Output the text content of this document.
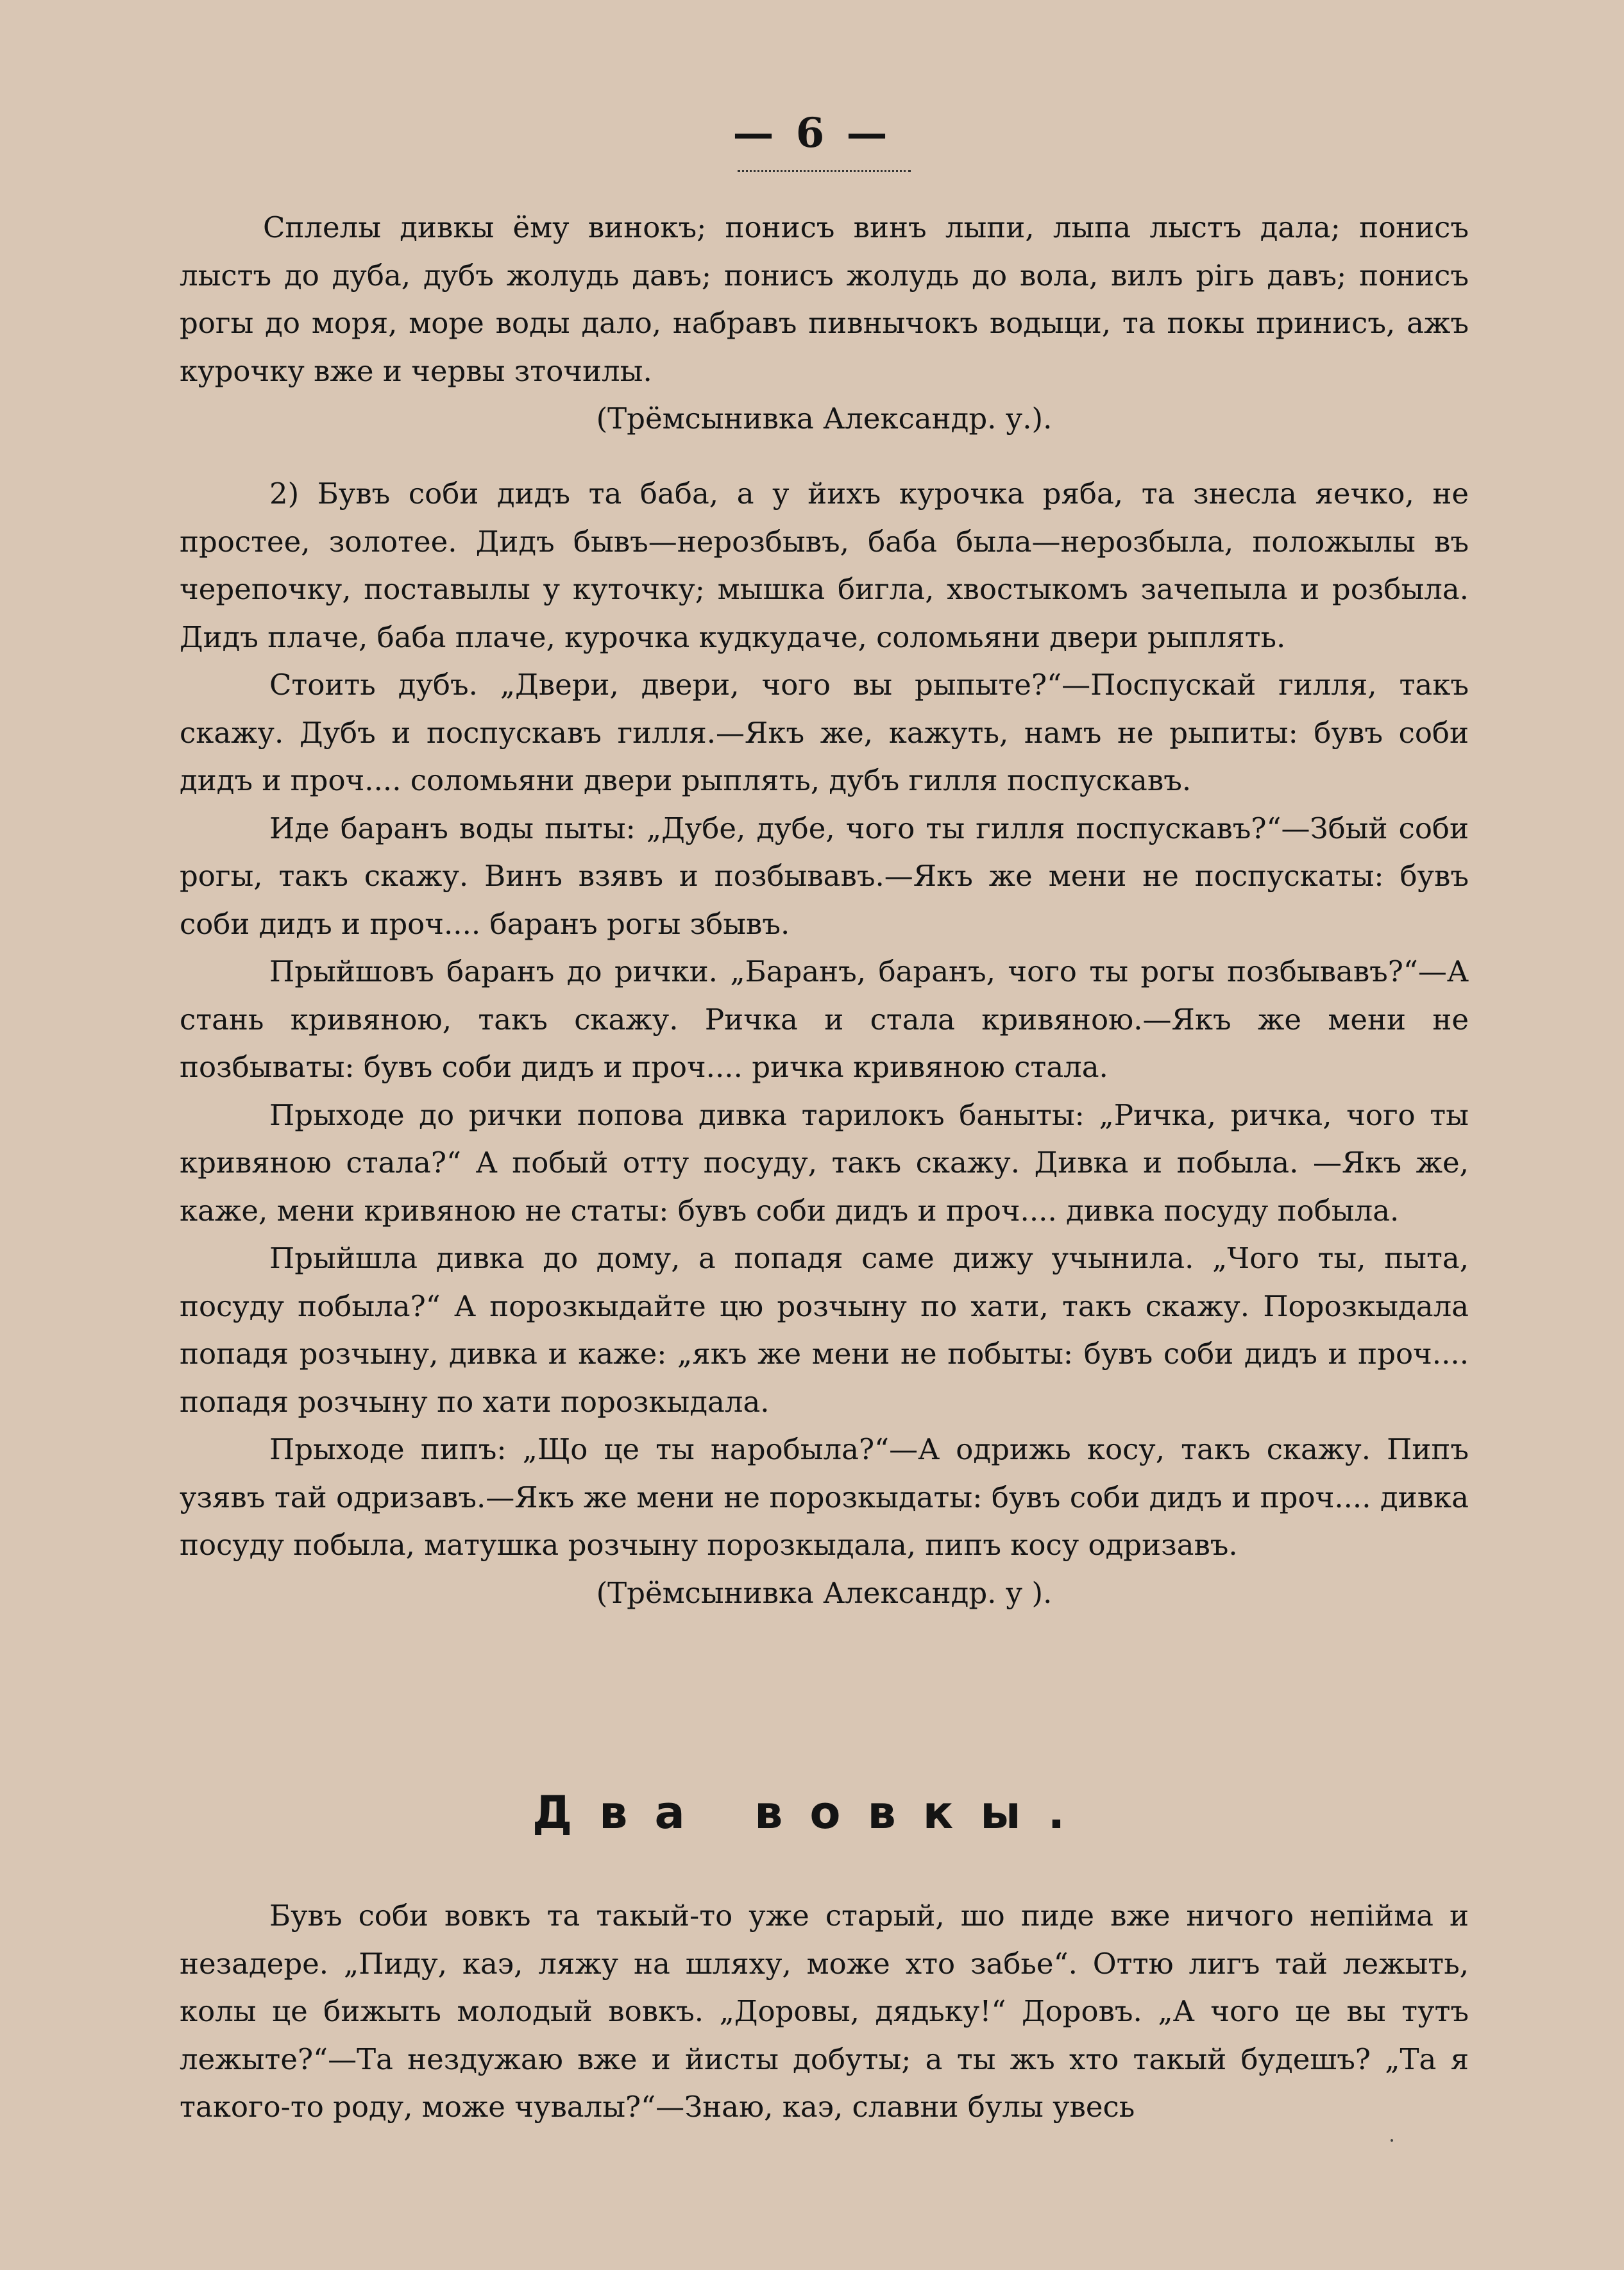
— 6 —

Сплелы дивкы ёму винокъ; понисъ винъ лыпи, лыпа лыстъ дала; понисъ лыстъ до дуба, дубъ жолудь давъ; понисъ жолудь до вола, вилъ рігь давъ; понисъ рогы до моря, море воды дало, набравъ пивнычокъ водыци, та покы принисъ, ажъ курочку вже и червы зточилы.

(Трёмсынивка Александр. у.).

2) Бувъ соби дидъ та баба, а у йихъ курочка ряба, та знесла яечко, не простее, золотее. Дидъ бывъ—нерозбывъ, баба была—нерозбыла, положылы въ черепочку, поставылы у куточку; мышка бигла, хвостыкомъ зачепыла и розбыла. Дидъ плаче, баба плаче, курочка кудкудаче, соломьяни двери рыплять.

Стоить дубъ. „Двери, двери, чого вы рыпыте?“—Поспускай гилля, такъ скажу. Дубъ и поспускавъ гилля.—Якъ же, кажуть, намъ не рыпиты: бувъ соби дидъ и проч.... соломьяни двери рыплять, дубъ гилля поспускавъ.

Иде баранъ воды пыты: „Дубе, дубе, чого ты гилля поспускавъ?“—Збый соби рогы, такъ скажу. Винъ взявъ и позбывавъ.—Якъ же мени не поспускаты: бувъ соби дидъ и проч.... баранъ рогы збывъ.

Прыйшовъ баранъ до рички. „Баранъ, баранъ, чого ты рогы позбывавъ?“—А стань кривяною, такъ скажу. Ричка и стала кривяною.—Якъ же мени не позбываты: бувъ соби дидъ и проч.... ричка кривяною стала.

Прыходе до рички попова дивка тарилокъ баныты: „Ричка, ричка, чого ты кривяною стала?“ А побый отту посуду, такъ скажу. Дивка и побыла. —Якъ же, каже, мени кривяною не статы: бувъ соби дидъ и проч.... дивка посуду побыла.

Прыйшла дивка до дому, а попадя саме дижу учынила. „Чого ты, пыта, посуду побыла?“ А порозкыдайте цю розчыну по хати, такъ скажу. Порозкыдала попадя розчыну, дивка и каже: „якъ же мени не побыты: бувъ соби дидъ и проч.... попадя розчыну по хати порозкыдала.

Прыходе пипъ: „Що це ты наробыла?“—А одрижь косу, такъ скажу. Пипъ узявъ тай одризавъ.—Якъ же мени не порозкыдаты: бувъ соби дидъ и проч.... дивка посуду побыла, матушка розчыну порозкыдала, пипъ косу одризавъ.

(Трёмсынивка Александр. у ).

Два вовкы.

Бувъ соби вовкъ та такый-то уже старый, шо пиде вже ничого непійма и незадере. „Пиду, каэ, ляжу на шляху, може хто забье“. Оттю лигъ тай лежыть, колы це бижыть молодый вовкъ. „Доровы, дядьку!“ Доровъ. „А чого це вы тутъ лежыте?“—Та нездужаю вже и йисты добуты; а ты жъ хто такый будешъ? „Та я такого-то роду, може чувалы?“—Знаю, каэ, славни булы увесь
